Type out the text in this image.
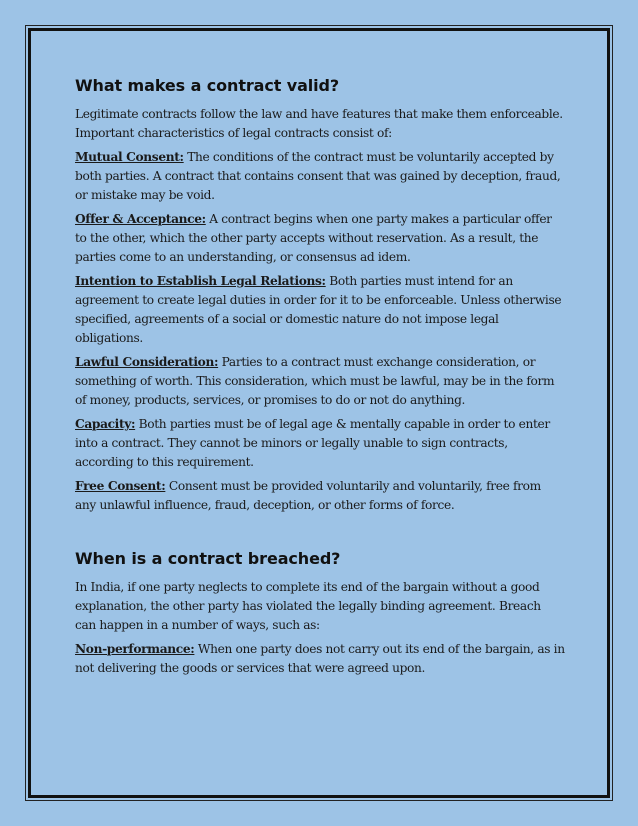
What makes a contract valid?

Legitimate contracts follow the law and have features that make them enforceable. Important characteristics of legal contracts consist of:

Mutual Consent: The conditions of the contract must be voluntarily accepted by both parties. A contract that contains consent that was gained by deception, fraud, or mistake may be void.

Offer & Acceptance: A contract begins when one party makes a particular offer to the other, which the other party accepts without reservation. As a result, the parties come to an understanding, or consensus ad idem.

Intention to Establish Legal Relations: Both parties must intend for an agreement to create legal duties in order for it to be enforceable. Unless otherwise specified, agreements of a social or domestic nature do not impose legal obligations.

Lawful Consideration: Parties to a contract must exchange consideration, or something of worth. This consideration, which must be lawful, may be in the form of money, products, services, or promises to do or not do anything.

Capacity: Both parties must be of legal age & mentally capable in order to enter into a contract. They cannot be minors or legally unable to sign contracts, according to this requirement.

Free Consent: Consent must be provided voluntarily and voluntarily, free from any unlawful influence, fraud, deception, or other forms of force.

When is a contract breached?

In India, if one party neglects to complete its end of the bargain without a good explanation, the other party has violated the legally binding agreement. Breach can happen in a number of ways, such as:

Non-performance: When one party does not carry out its end of the bargain, as in not delivering the goods or services that were agreed upon.
